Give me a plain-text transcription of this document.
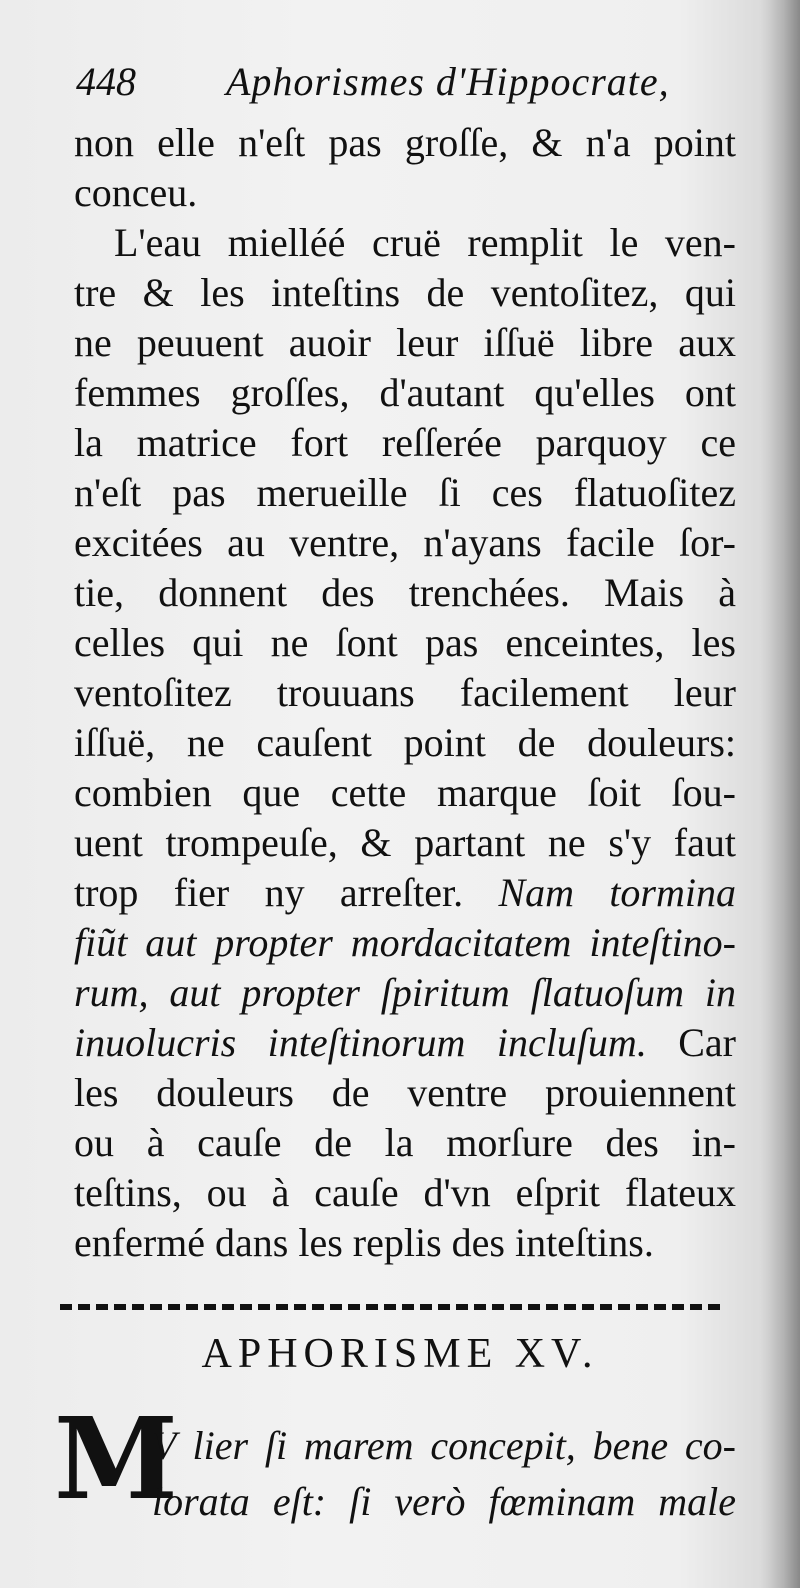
448 Aphorismes d'Hippocrate,
non elle n'eſt pas groſſe, & n'a point
conceu.
L'eau mielléé cruë remplit le ven-
tre & les inteſtins de ventoſitez, qui
ne peuuent auoir leur iſſuë libre aux
femmes groſſes, d'autant qu'elles ont
la matrice fort reſſerée parquoy ce
n'eſt pas merueille ſi ces flatuoſitez
excitées au ventre, n'ayans facile ſor-
tie, donnent des trenchées. Mais à
celles qui ne ſont pas enceintes, les
ventoſitez trouuans facilement leur
iſſuë, ne cauſent point de douleurs:
combien que cette marque ſoit ſou-
uent trompeuſe, & partant ne s'y faut
trop fier ny arreſter. Nam tormina
fiũt aut propter mordacitatem inteſtino-
rum, aut propter ſpiritum ſlatuoſum in
inuolucris inteſtinorum incluſum. Car
les douleurs de ventre prouiennent
ou à cauſe de la morſure des in-
teſtins, ou à cauſe d'vn eſprit flateux
enfermé dans les replis des inteſtins.
APHORISME XV.
M
V lier ſi marem concepit, bene co-
lorata eſt: ſi verò fœminam male
